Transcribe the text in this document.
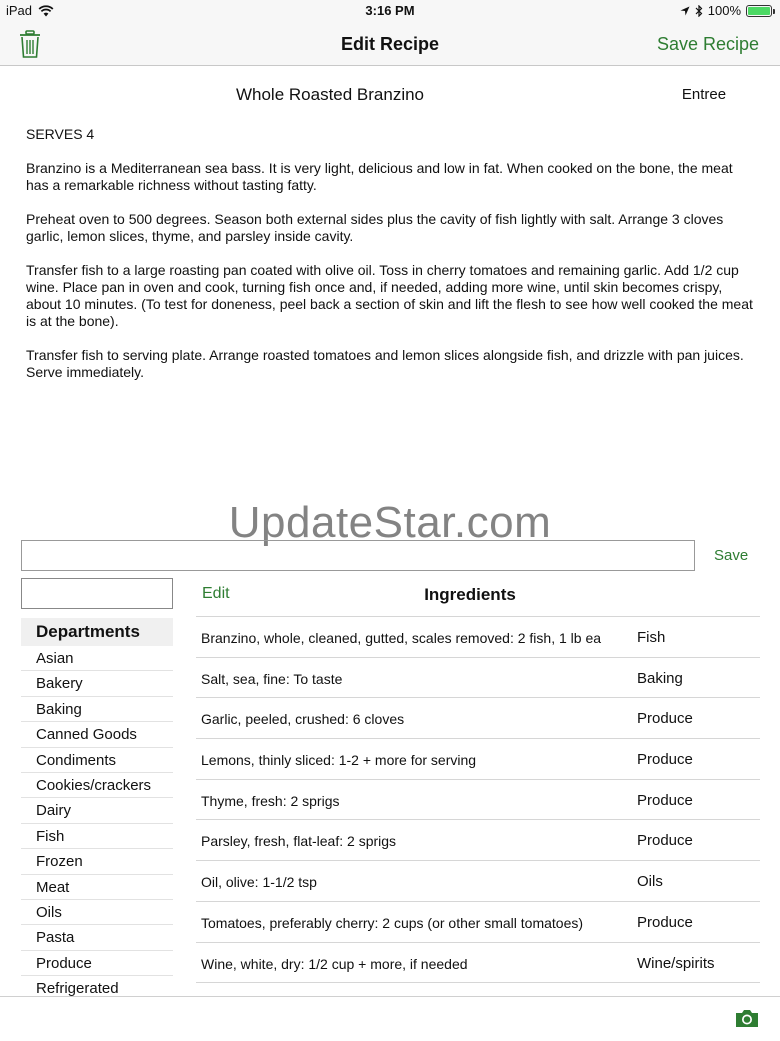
iPad	3:16 PM	100%
Edit Recipe	Save Recipe
Whole Roasted Branzino	Entree

SERVES 4

Branzino is a Mediterranean sea bass. It is very light, delicious and low in fat. When cooked on the bone, the meat has a remarkable richness without tasting fatty.

Preheat oven to 500 degrees. Season both external sides plus the cavity of fish lightly with salt. Arrange 3 cloves garlic, lemon slices, thyme, and parsley inside cavity.

Transfer fish to a large roasting pan coated with olive oil. Toss in cherry tomatoes and remaining garlic. Add 1/2 cup wine. Place pan in oven and cook, turning fish once and, if needed, adding more wine, until skin becomes crispy, about 10 minutes. (To test for doneness, peel back a section of skin and lift the flesh to see how well cooked the meat is at the bone).

Transfer fish to serving plate. Arrange roasted tomatoes and lemon slices alongside fish, and drizzle with pan juices. Serve immediately.

UpdateStar.com
Save
Departments
Asian
Bakery
Baking
Canned Goods
Condiments
Cookies/crackers
Dairy
Fish
Frozen
Meat
Oils
Pasta
Produce
Refrigerated
Edit	Ingredients
Branzino, whole, cleaned, gutted, scales removed: 2 fish, 1 lb ea Fish
Salt, sea, fine: To taste	Baking
Garlic, peeled, crushed: 6 cloves	Produce
Lemons, thinly sliced: 1-2 + more for serving	Produce
Thyme, fresh: 2 sprigs	Produce
Parsley, fresh, flat-leaf: 2 sprigs	Produce
Oil, olive: 1-1/2 tsp	Oils
Tomatoes, preferably cherry: 2 cups (or other small tomatoes)	Produce
Wine, white, dry: 1/2 cup + more, if needed	Wine/spirits
